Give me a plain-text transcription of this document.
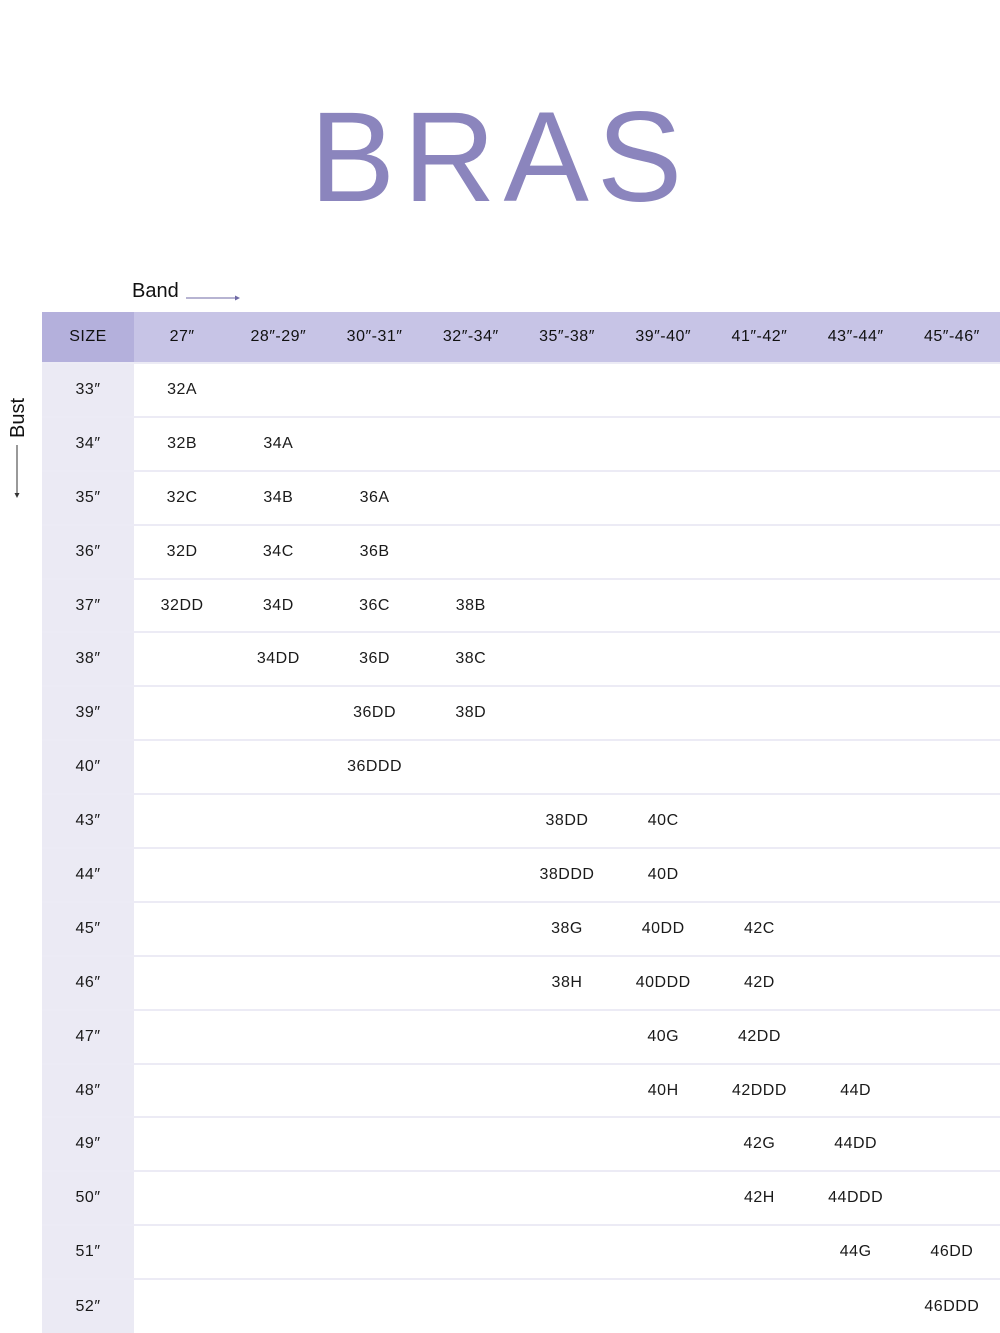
BRAS
Band
Bust
SIZE	27″	28″-29″	30″-31″	32″-34″	35″-38″	39″-40″	41″-42″	43″-44″	45″-46″
33″	32A								
34″	32B	34A							
35″	32C	34B	36A						
36″	32D	34C	36B						
37″	32DD	34D	36C	38B					
38″		34DD	36D	38C					
39″			36DD	38D					
40″			36DDD						
43″					38DD	40C			
44″					38DDD	40D			
45″					38G	40DD	42C		
46″					38H	40DDD	42D		
47″						40G	42DD		
48″						40H	42DDD	44D	
49″							42G	44DD	
50″							42H	44DDD	
51″								44G	46DD
52″									46DDD
